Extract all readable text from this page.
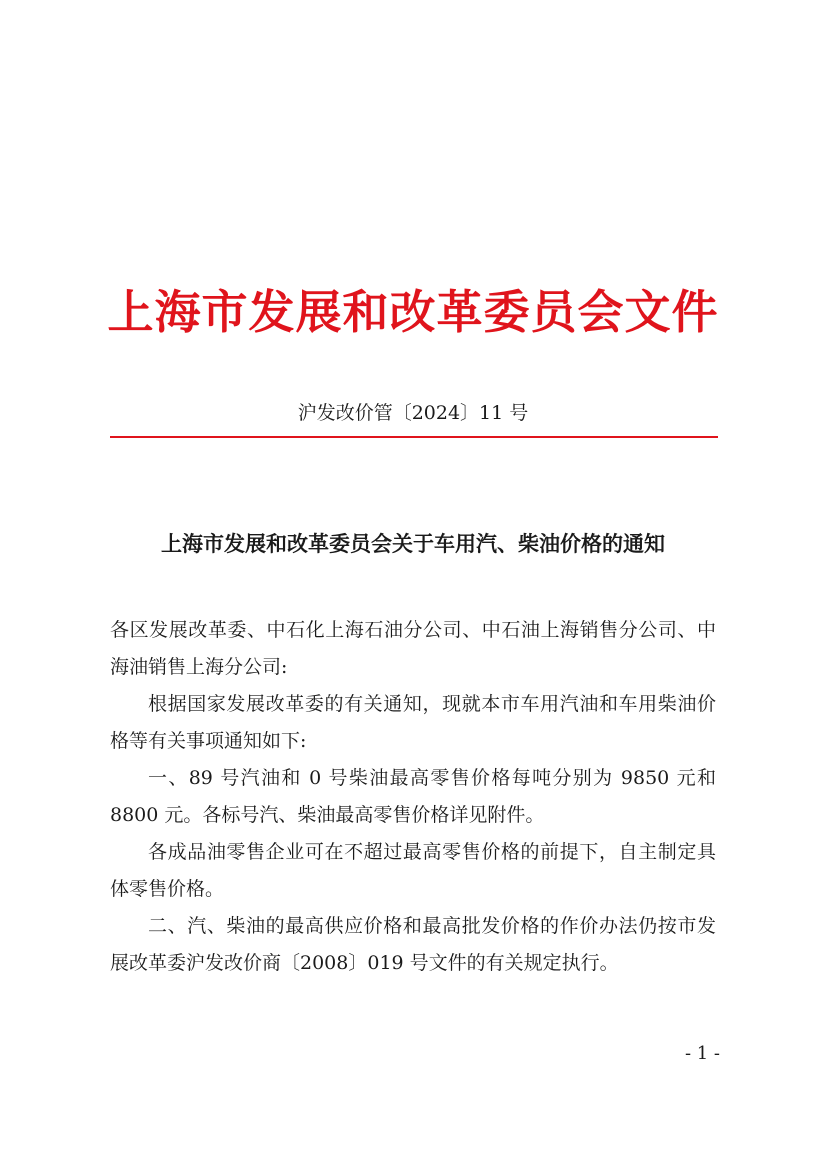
上海市发展和改革委员会文件
沪发改价管〔2024〕11 号
上海市发展和改革委员会关于车用汽、柴油价格的通知

各区发展改革委、中石化上海石油分公司、中石油上海销售分公司、中海油销售上海分公司:

根据国家发展改革委的有关通知，现就本市车用汽油和车用柴油价格等有关事项通知如下:

一、89 号汽油和 0 号柴油最高零售价格每吨分别为 9850 元和 8800 元。各标号汽、柴油最高零售价格详见附件。

各成品油零售企业可在不超过最高零售价格的前提下，自主制定具体零售价格。

二、汽、柴油的最高供应价格和最高批发价格的作价办法仍按市发展改革委沪发改价商〔2008〕019 号文件的有关规定执行。

- 1 -
